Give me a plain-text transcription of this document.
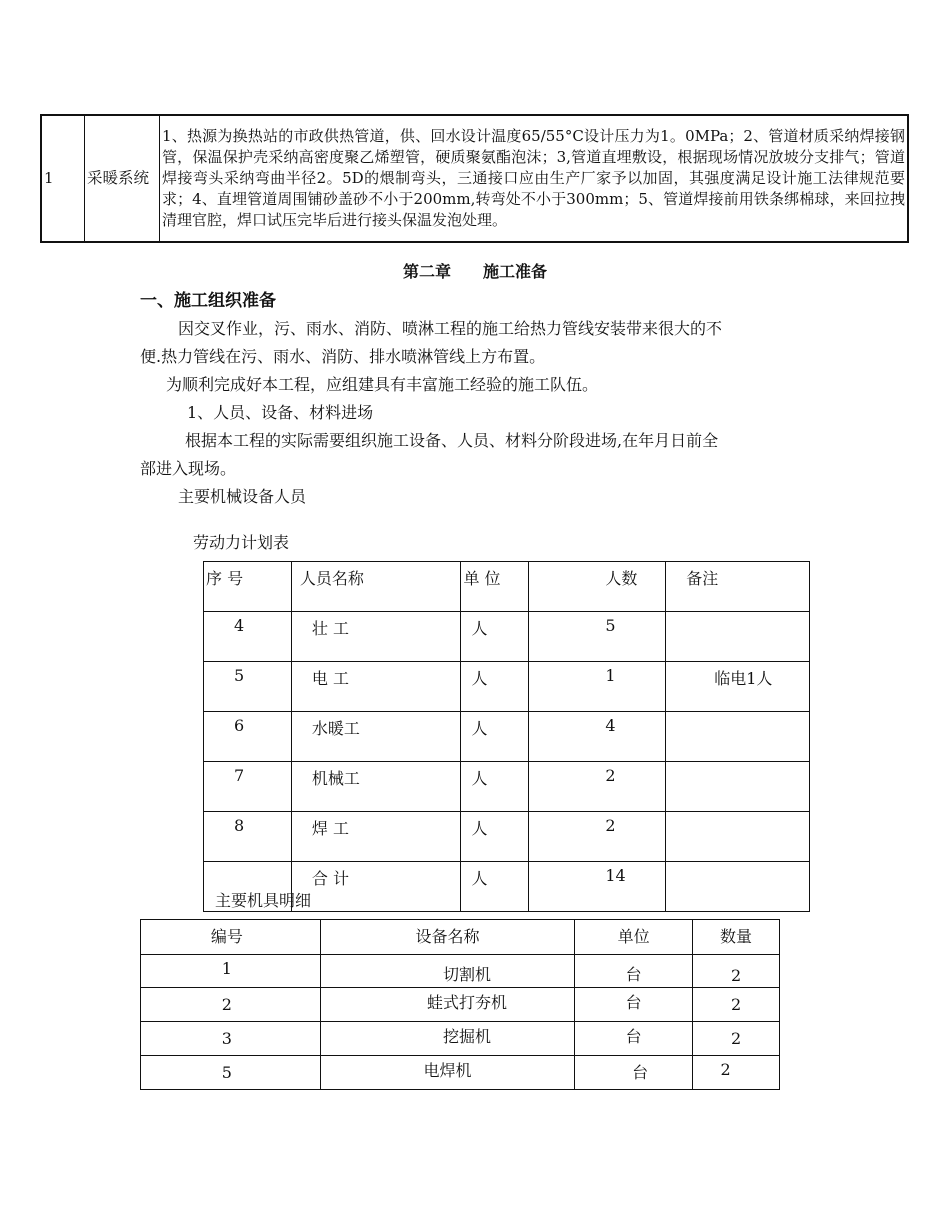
1	采暖系统	1、热源为换热站的市政供热管道，供、回水设计温度65/55°C设计压力为1。0MPa；2、管道材质采纳焊接钢管，保温保护壳采纳高密度聚乙烯塑管，硬质聚氨酯泡沫；3,管道直埋敷设，根据现场情况放坡分支排气；管道焊接弯头采纳弯曲半径2。5D的煨制弯头，三通接口应由生产厂家予以加固，其强度满足设计施工法律规范要求；4、直埋管道周围铺砂盖砂不小于200mm,转弯处不小于300mm；5、管道焊接前用铁条绑棉球，来回拉拽清理官腔，焊口试压完毕后进行接头保温发泡处理。
第二章　　施工准备
一、施工组织准备
因交叉作业，污、雨水、消防、喷淋工程的施工给热力管线安装带来很大的不
便.热力管线在污、雨水、消防、排水喷淋管线上方布置。
为顺利完成好本工程，应组建具有丰富施工经验的施工队伍。
1、人员、设备、材料进场
根据本工程的实际需要组织施工设备、人员、材料分阶段进场,在年月日前全
部进入现场。
主要机械设备人员
劳动力计划表
序 号	人员名称	单 位	人数	备注
4	壮 工	人	5	
5	电 工	人	1	临电1人
6	水暖工	人	4	
7	机械工	人	2	
8	焊 工	人	2	
	合 计	人	14	
主要机具明细
编号	设备名称	单位	数量
1	切割机	台	2
2	蛙式打夯机	台	2
3	挖掘机	台	2
5	电焊机	台	2
